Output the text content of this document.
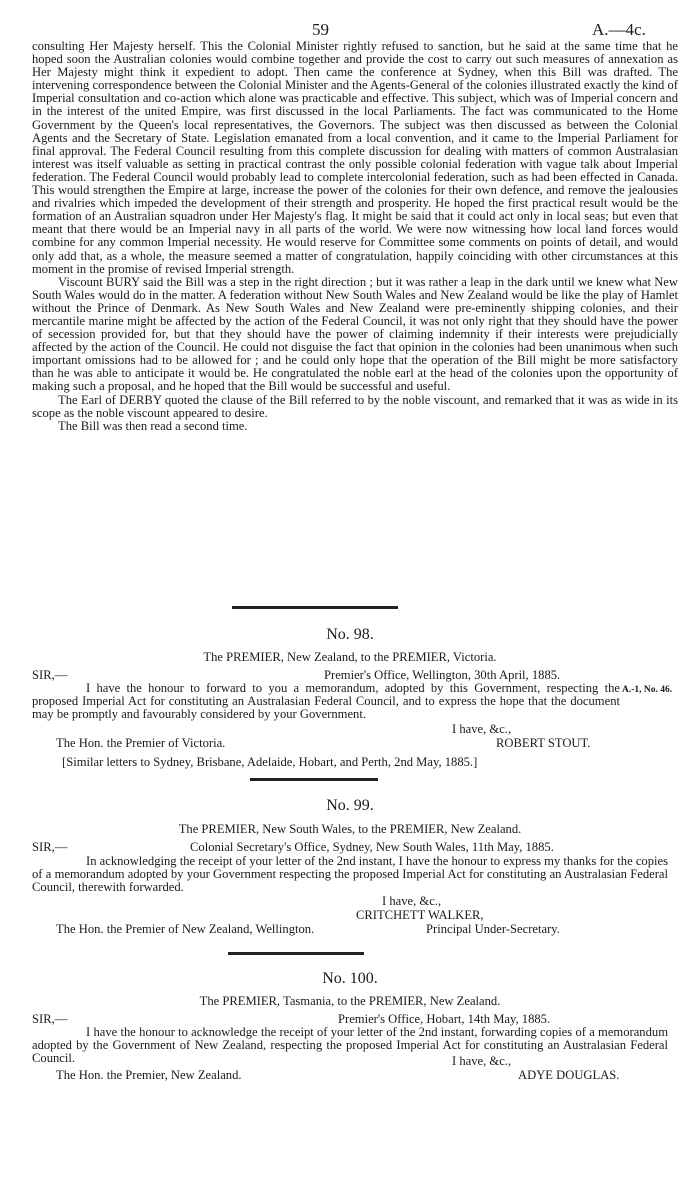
59	A.—4c.

consulting Her Majesty herself. This the Colonial Minister rightly refused to sanction, but he said at the same time that he hoped soon the Australian colonies would combine together and provide the cost to carry out such measures of annexation as Her Majesty might think it expedient to adopt. Then came the conference at Sydney, when this Bill was drafted. The intervening correspondence between the Colonial Minister and the Agents-General of the colonies illustrated exactly the kind of Imperial consultation and co-action which alone was practicable and effective. This subject, which was of Imperial concern and in the interest of the united Empire, was first discussed in the local Parliaments. The fact was communicated to the Home Government by the Queen's local representatives, the Governors. The subject was then discussed as between the Colonial Agents and the Secretary of State. Legislation emanated from a local convention, and it came to the Imperial Parliament for final approval. The Federal Council resulting from this complete discussion for dealing with matters of common Australasian interest was itself valuable as setting in practical contrast the only possible colonial federation with vague talk about Imperial federation. The Federal Council would probably lead to complete intercolonial federation, such as had been effected in Canada. This would strengthen the Empire at large, increase the power of the colonies for their own defence, and remove the jealousies and rivalries which impeded the development of their strength and prosperity. He hoped the first practical result would be the formation of an Australian squadron under Her Majesty's flag. It might be said that it could act only in local seas; but even that meant that there would be an Imperial navy in all parts of the world. We were now witnessing how local land forces would combine for any common Imperial necessity. He would reserve for Committee some comments on points of detail, and would only add that, as a whole, the measure seemed a matter of congratulation, happily coinciding with other circumstances at this moment in the promise of revised Imperial strength.

Viscount BURY said the Bill was a step in the right direction ; but it was rather a leap in the dark until we knew what New South Wales would do in the matter. A federation without New South Wales and New Zealand would be like the play of Hamlet without the Prince of Denmark. As New South Wales and New Zealand were pre-eminently shipping colonies, and their mercantile marine might be affected by the action of the Federal Council, it was not only right that they should have the power of secession provided for, but that they should have the power of claiming indemnity if their interests were prejudicially affected by the action of the Council. He could not disguise the fact that opinion in the colonies had been unanimous when such important omissions had to be allowed for ; and he could only hope that the operation of the Bill might be more satisfactory than he was able to anticipate it would be. He congratulated the noble earl at the head of the colonies upon the opportunity of making such a proposal, and he hoped that the Bill would be successful and useful.

The Earl of DERBY quoted the clause of the Bill referred to by the noble viscount, and remarked that it was as wide in its scope as the noble viscount appeared to desire.

The Bill was then read a second time.

No. 98.
The PREMIER, New Zealand, to the PREMIER, Victoria.
SIR,—	Premier's Office, Wellington, 30th April, 1885.

I have the honour to forward to you a memorandum, adopted by this Government, respecting the proposed Imperial Act for constituting an Australasian Federal Council, and to express the hope that the document may be promptly and favourably considered by your Government.

A.-1, No. 46.
I have, &c.,
The Hon. the Premier of Victoria.	ROBERT STOUT.
[Similar letters to Sydney, Brisbane, Adelaide, Hobart, and Perth, 2nd May, 1885.]
No. 99.
The PREMIER, New South Wales, to the PREMIER, New Zealand.
SIR,—	Colonial Secretary's Office, Sydney, New South Wales, 11th May, 1885.

In acknowledging the receipt of your letter of the 2nd instant, I have the honour to express my thanks for the copies of a memorandum adopted by your Government respecting the proposed Imperial Act for constituting an Australasian Federal Council, therewith forwarded.

I have, &c.,
CRITCHETT WALKER,
The Hon. the Premier of New Zealand, Wellington.	Principal Under-Secretary.
No. 100.
The PREMIER, Tasmania, to the PREMIER, New Zealand.
SIR,—	Premier's Office, Hobart, 14th May, 1885.

I have the honour to acknowledge the receipt of your letter of the 2nd instant, forwarding copies of a memorandum adopted by the Government of New Zealand, respecting the proposed Imperial Act for constituting an Australasian Federal Council.	I have, &c.,
The Hon. the Premier, New Zealand.	ADYE DOUGLAS.
